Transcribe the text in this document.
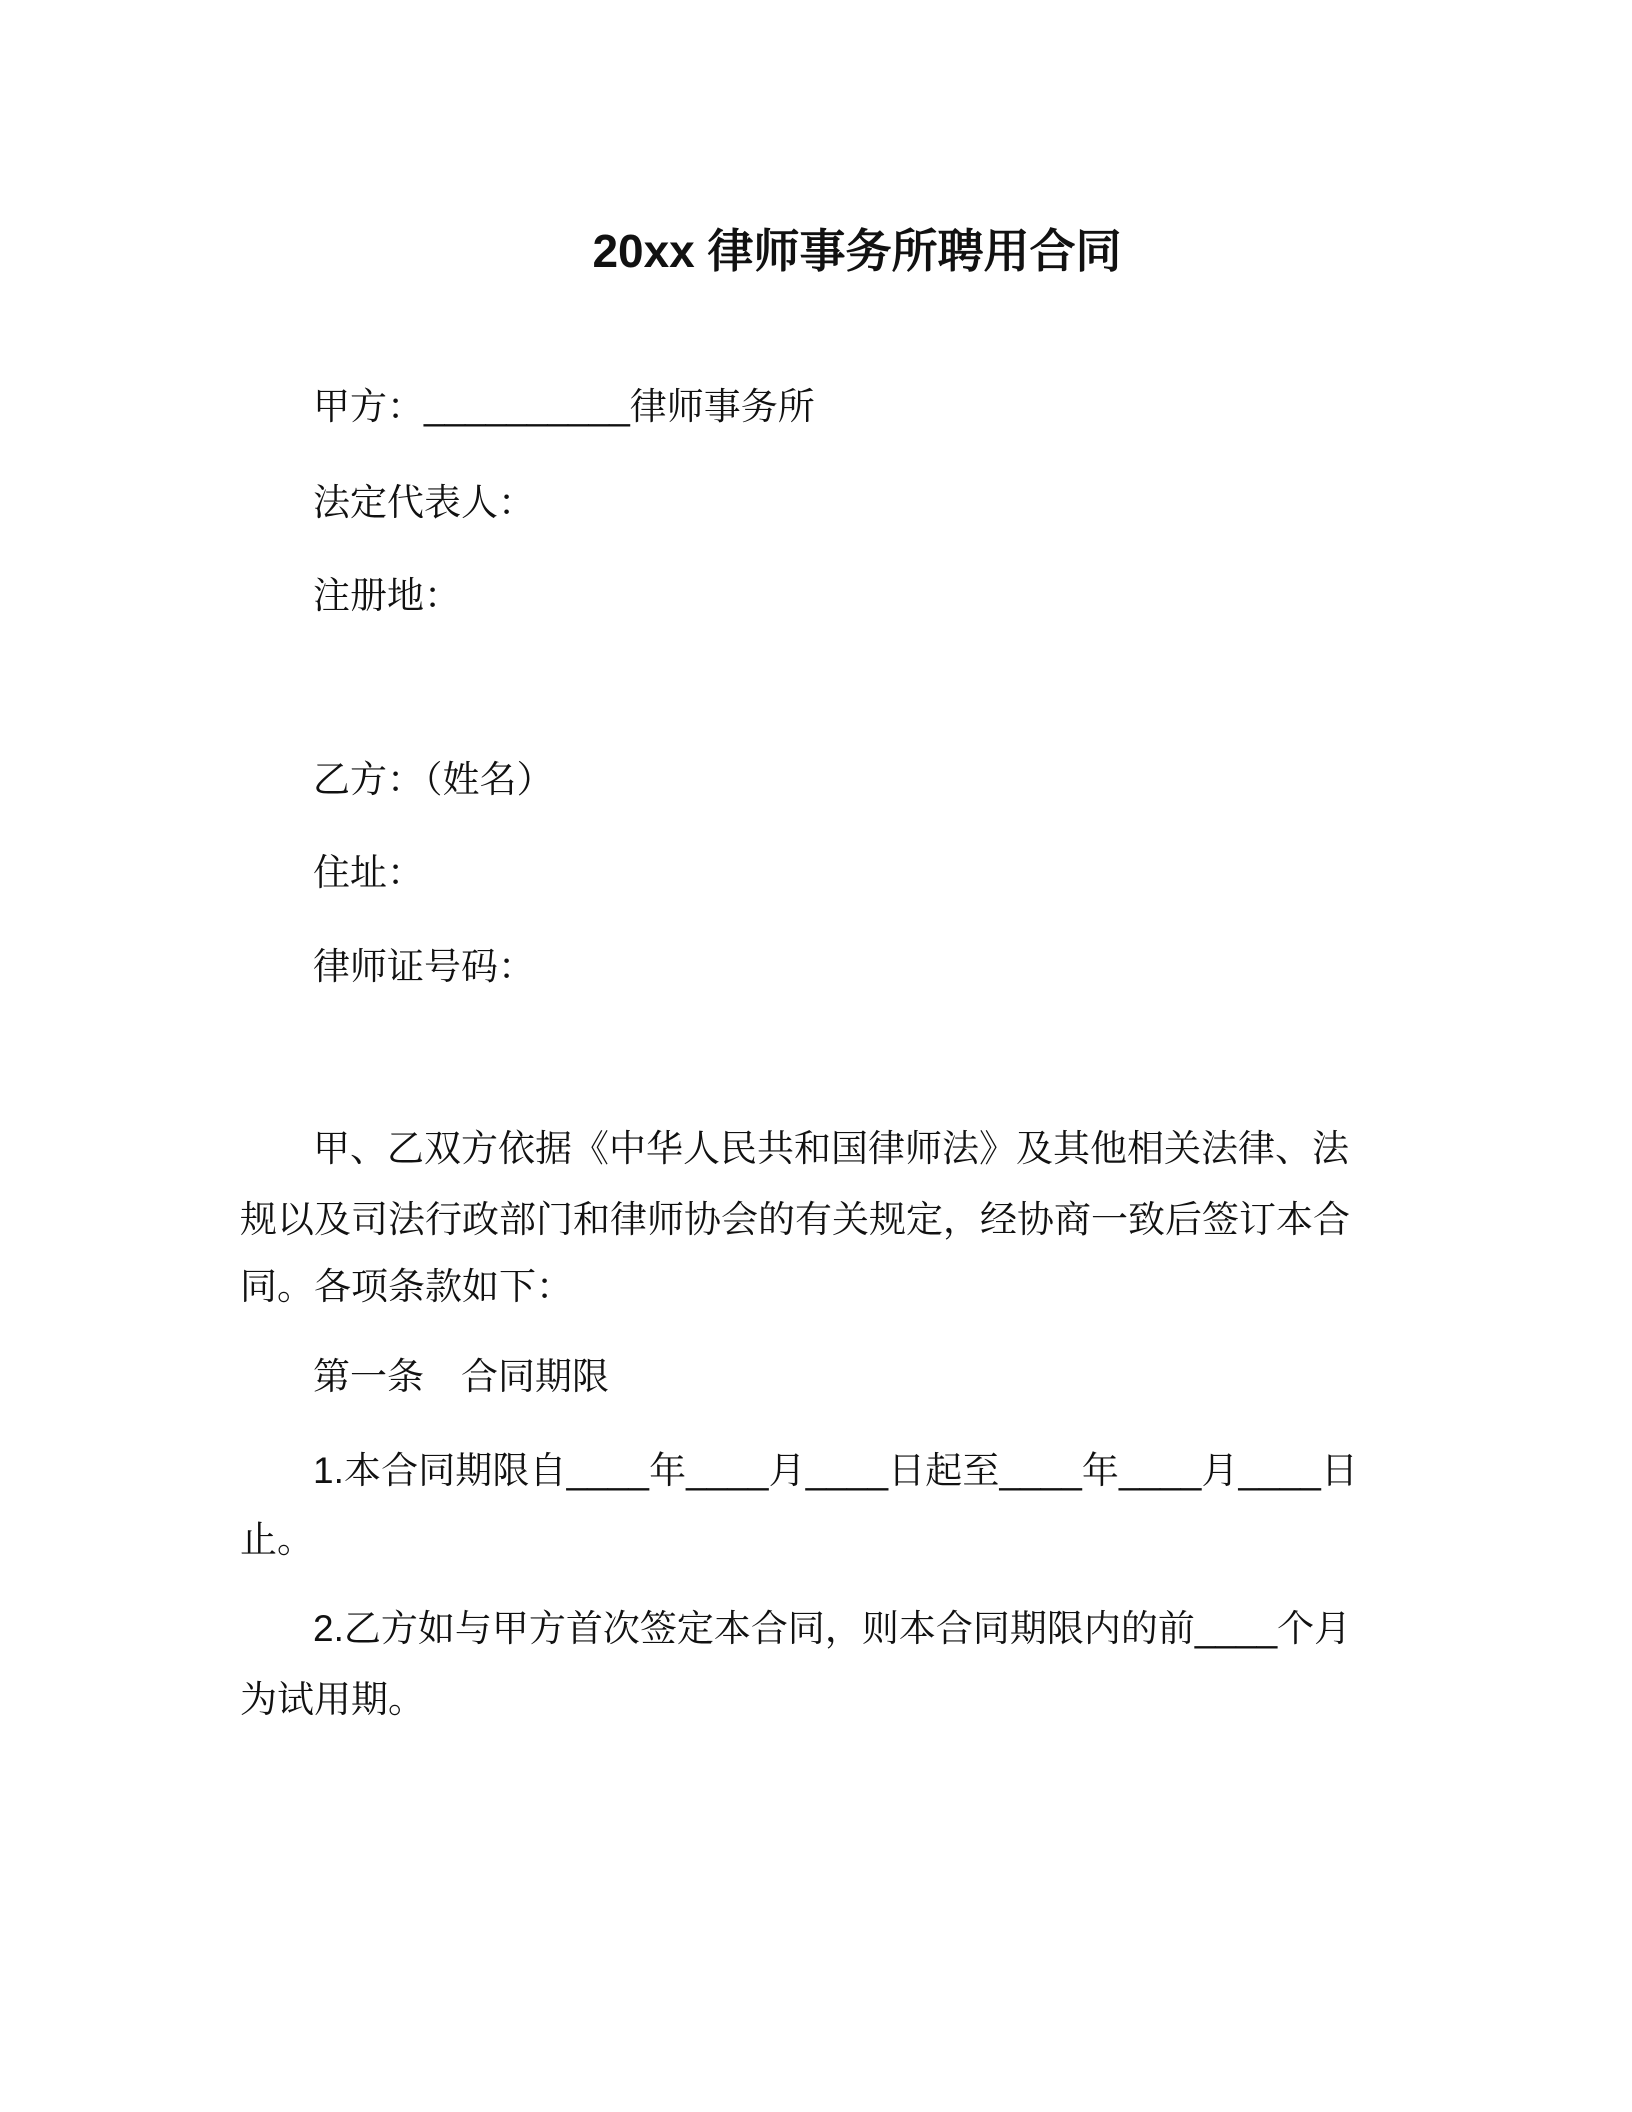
20xx 律师事务所聘用合同
甲方：__________律师事务所
法定代表人：
注册地：
乙方：（姓名）
住址：
律师证号码：
甲、乙双方依据《中华人民共和国律师法》及其他相关法律、法
规以及司法行政部门和律师协会的有关规定，经协商一致后签订本合
同。各项条款如下：
第一条　合同期限
1.本合同期限自____年____月____日起至____年____月____日
止。
2.乙方如与甲方首次签定本合同，则本合同期限内的前____个月
为试用期。
